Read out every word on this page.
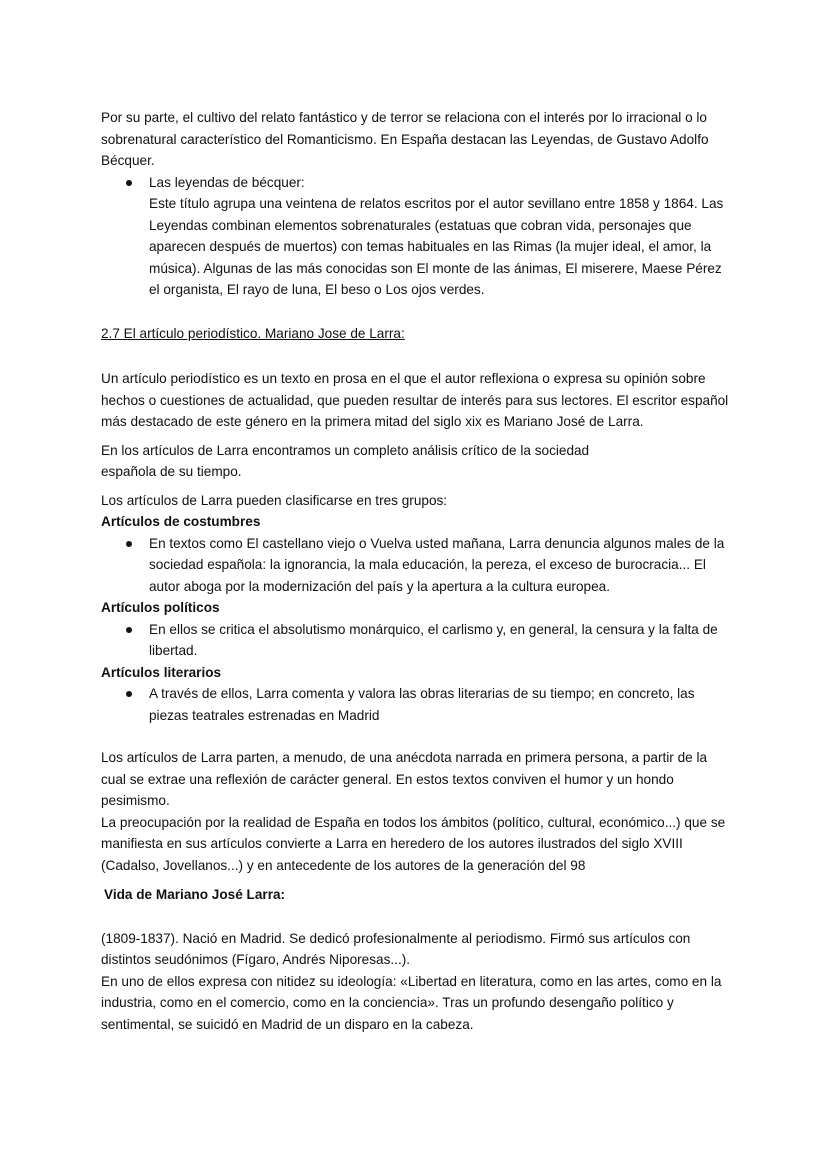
Por su parte, el cultivo del relato fantástico y de terror se relaciona con el interés por lo irracional o lo sobrenatural característico del Romanticismo. En España destacan las Leyendas, de Gustavo Adolfo Bécquer.

Las leyendas de bécquer:
Este título agrupa una veintena de relatos escritos por el autor sevillano entre 1858 y 1864. Las Leyendas combinan elementos sobrenaturales (estatuas que cobran vida, personajes que aparecen después de muertos) con temas habituales en las Rimas (la mujer ideal, el amor, la música). Algunas de las más conocidas son El monte de las ánimas, El miserere, Maese Pérez el organista, El rayo de luna, El beso o Los ojos verdes.

2.7 El artículo periodístico. Mariano Jose de Larra:

Un artículo periodístico es un texto en prosa en el que el autor reflexiona o expresa su opinión sobre hechos o cuestiones de actualidad, que pueden resultar de interés para sus lectores. El escritor español más destacado de este género en la primera mitad del siglo xix es Mariano José de Larra.

En los artículos de Larra encontramos un completo análisis crítico de la sociedad
española de su tiempo.

Los artículos de Larra pueden clasificarse en tres grupos:

Artículos de costumbres

En textos como El castellano viejo o Vuelva usted mañana, Larra denuncia algunos males de la sociedad española: la ignorancia, la mala educación, la pereza, el exceso de burocracia... El autor aboga por la modernización del país y la apertura a la cultura europea.

Artículos políticos

En ellos se critica el absolutismo monárquico, el carlismo y, en general, la censura y la falta de libertad.

Artículos literarios

A través de ellos, Larra comenta y valora las obras literarias de su tiempo; en concreto, las piezas teatrales estrenadas en Madrid

Los artículos de Larra parten, a menudo, de una anécdota narrada en primera persona, a partir de la cual se extrae una reflexión de carácter general. En estos textos conviven el humor y un hondo pesimismo.

La preocupación por la realidad de España en todos los ámbitos (político, cultural, económico...) que se manifiesta en sus artículos convierte a Larra en heredero de los autores ilustrados del siglo XVIII (Cadalso, Jovellanos...) y en antecedente de los autores de la generación del 98

Vida de Mariano José Larra:

(1809-1837). Nació en Madrid. Se dedicó profesionalmente al periodismo. Firmó sus artículos con distintos seudónimos (Fígaro, Andrés Niporesas...).

En uno de ellos expresa con nitidez su ideología: «Libertad en literatura, como en las artes, como en la industria, como en el comercio, como en la conciencia». Tras un profundo desengaño político y sentimental, se suicidó en Madrid de un disparo en la cabeza.
